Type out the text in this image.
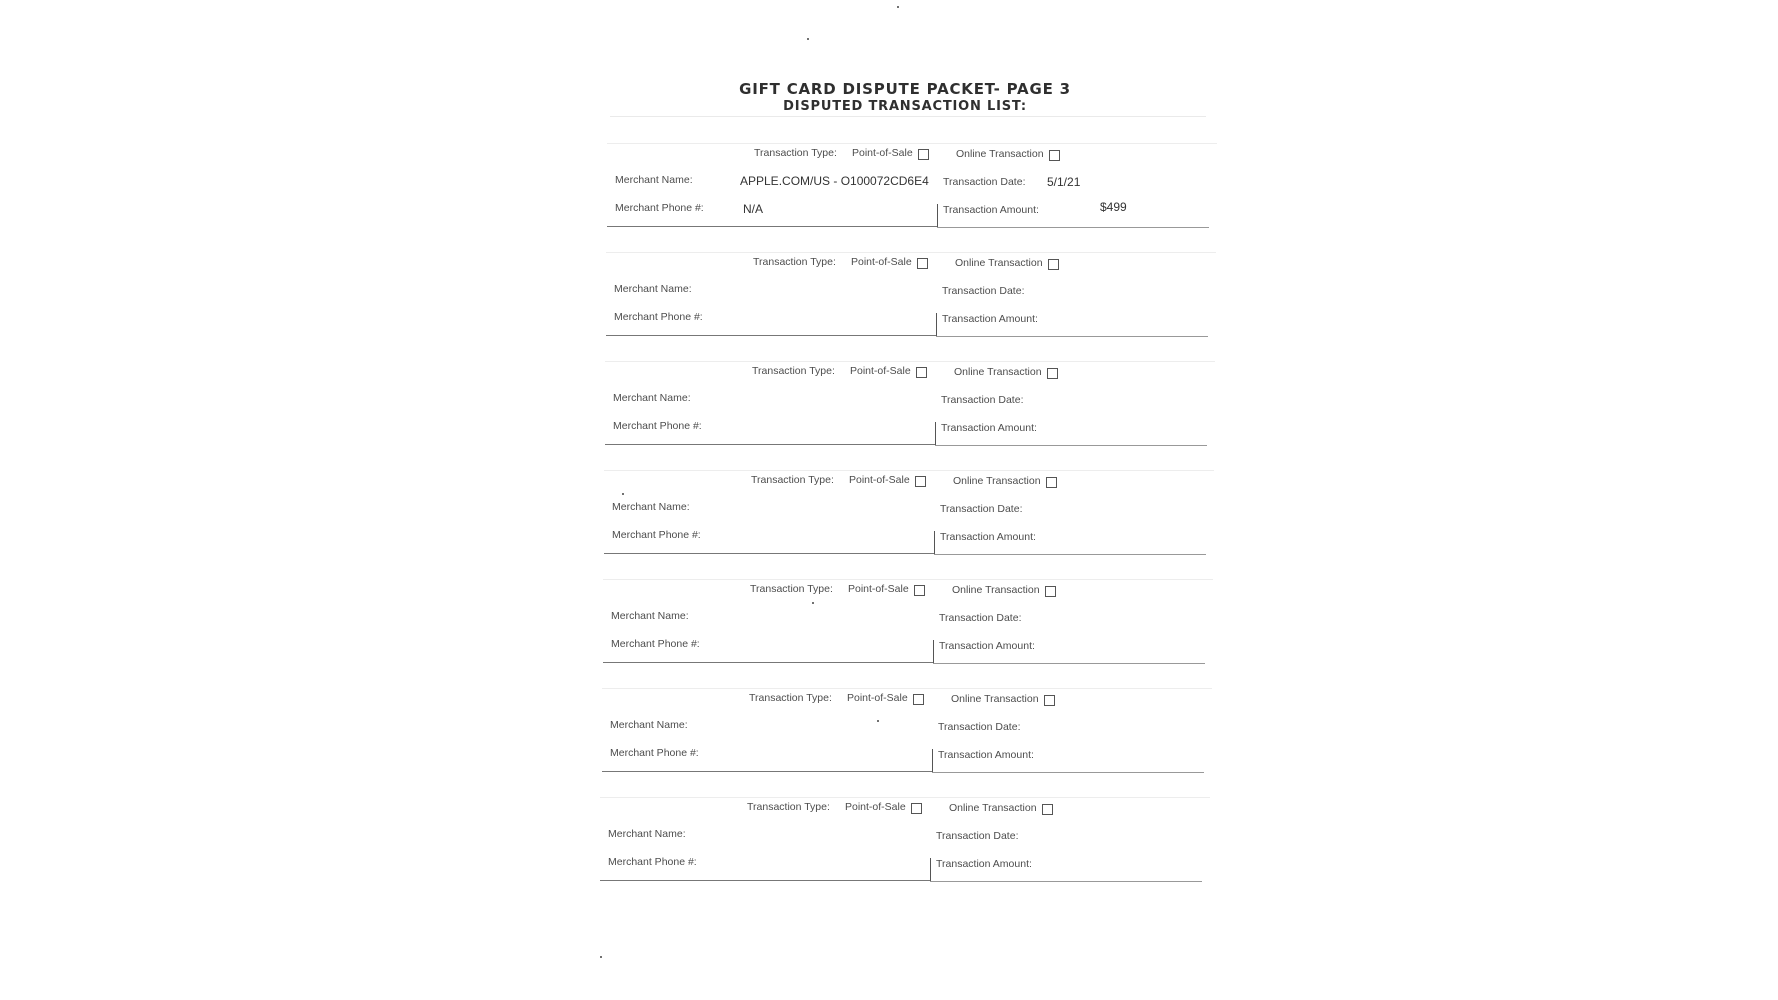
GIFT CARD DISPUTE PACKET- PAGE 3
DISPUTED TRANSACTION LIST:
Transaction Type: Point-of-Sale	Online Transaction
Merchant Name:	APPLE.COM/US - O100072CD6E4 Transaction Date: 5/1/21
Merchant Phone #:	N/A	Transaction Amount:	$499
Transaction Type: Point-of-Sale	Online Transaction
Merchant Name:	Transaction Date:
Merchant Phone #:	Transaction Amount:
Transaction Type: Point-of-Sale	Online Transaction
Merchant Name:	Transaction Date:
Merchant Phone #:	Transaction Amount:
Transaction Type: Point-of-Sale	Online Transaction
Merchant Name:	Transaction Date:
Merchant Phone #:	Transaction Amount:
Transaction Type: Point-of-Sale	Online Transaction
Merchant Name:	Transaction Date:
Merchant Phone #:	Transaction Amount:
Transaction Type: Point-of-Sale	Online Transaction
Merchant Name:	Transaction Date:
Merchant Phone #:	Transaction Amount:
Transaction Type: Point-of-Sale	Online Transaction
Merchant Name:	Transaction Date:
Merchant Phone #:	Transaction Amount:
